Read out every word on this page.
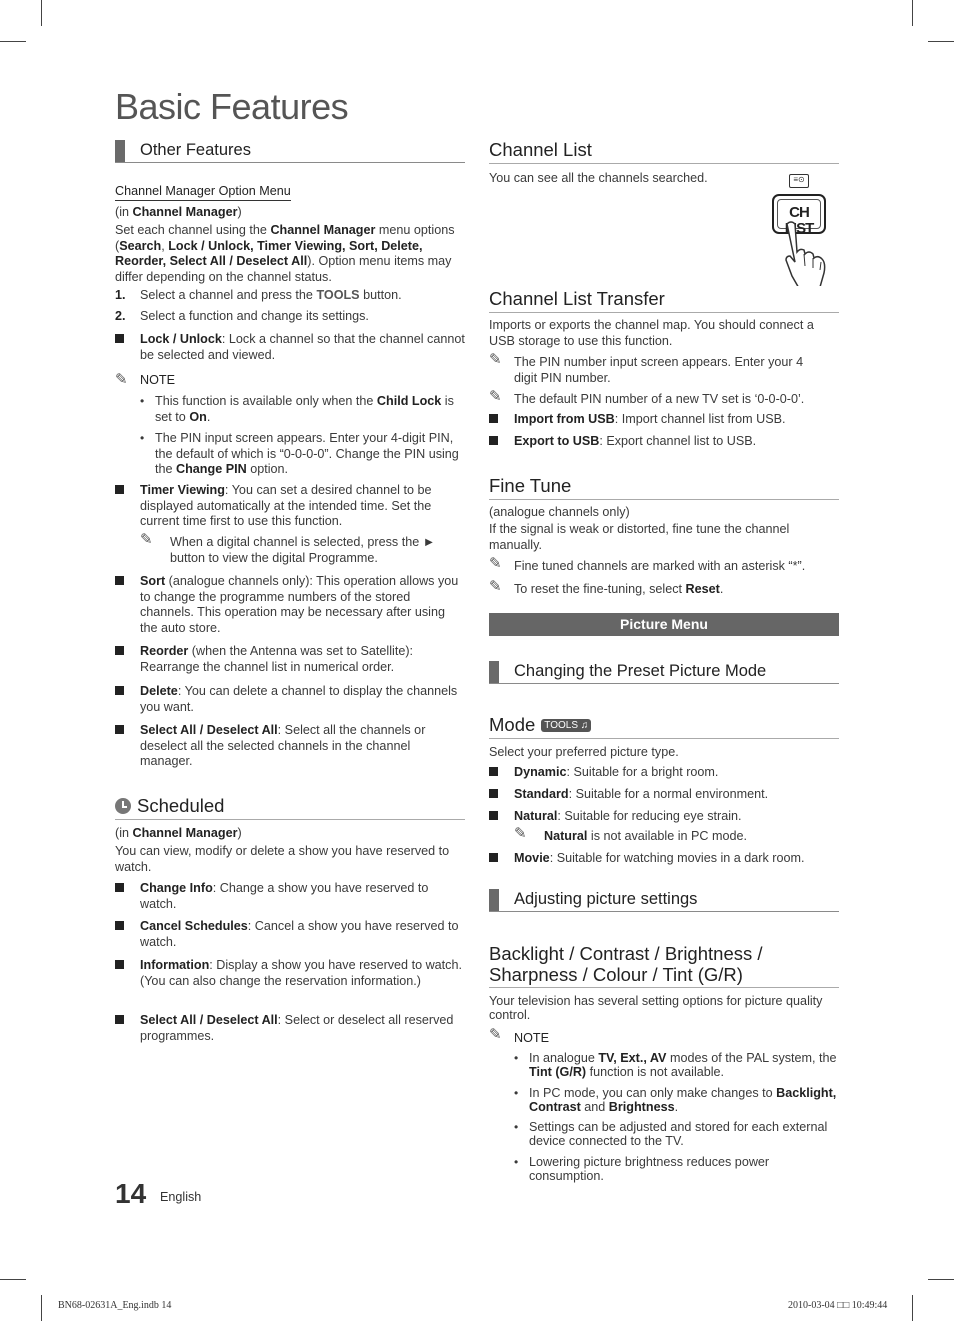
Basic Features
Other Features
Channel Manager Option Menu
(in Channel Manager)
Set each channel using the Channel Manager menu options (Search, Lock / Unlock, Timer Viewing, Sort, Delete, Reorder, Select All / Deselect All). Option menu items may differ depending on the channel status.
1. Select a channel and press the TOOLS button.
2. Select a function and change its settings.
Lock / Unlock: Lock a channel so that the channel cannot be selected and viewed.
✎ NOTE
• This function is available only when the Child Lock is set to On.
• The PIN input screen appears. Enter your 4-digit PIN, the default of which is “0-0-0-0”. Change the PIN using the Change PIN option.
Timer Viewing: You can set a desired channel to be displayed automatically at the intended time. Set the current time first to use this function.
✎ When a digital channel is selected, press the ► button to view the digital Programme.
Sort (analogue channels only): This operation allows you to change the programme numbers of the stored channels. This operation may be necessary after using the auto store.
Reorder (when the Antenna was set to Satellite): Rearrange the channel list in numerical order.
Delete: You can delete a channel to display the channels you want.
Select All / Deselect All: Select all the channels or deselect all the selected channels in the channel manager.
Scheduled
(in Channel Manager)
You can view, modify or delete a show you have reserved to watch.
Change Info: Change a show you have reserved to watch.
Cancel Schedules: Cancel a show you have reserved to watch.
Information: Display a show you have reserved to watch. (You can also change the reservation information.)
Select All / Deselect All: Select or deselect all reserved programmes.
Channel List
You can see all the channels searched.	≡⊙
CH LIST
Channel List Transfer
Imports or exports the channel map. You should connect a USB storage to use this function.
✎ The PIN number input screen appears. Enter your 4 digit PIN number.
✎ The default PIN number of a new TV set is ‘0-0-0-0’.
Import from USB: Import channel list from USB.
Export to USB: Export channel list to USB.
Fine Tune
(analogue channels only)
If the signal is weak or distorted, fine tune the channel manually.
✎ Fine tuned channels are marked with an asterisk “*”.
✎ To reset the fine-tuning, select Reset.
Picture Menu
Changing the Preset Picture Mode
Mode TOOLS ♫
Select your preferred picture type.
Dynamic: Suitable for a bright room.
Standard: Suitable for a normal environment.
Natural: Suitable for reducing eye strain.
✎ Natural is not available in PC mode.
Movie: Suitable for watching movies in a dark room.
Adjusting picture settings
Backlight / Contrast / Brightness / Sharpness / Colour / Tint (G/R)
Your television has several setting options for picture quality control.
✎ NOTE
• In analogue TV, Ext., AV modes of the PAL system, the Tint (G/R) function is not available.
• In PC mode, you can only make changes to Backlight, Contrast and Brightness.
• Settings can be adjusted and stored for each external device connected to the TV.
• Lowering picture brightness reduces power consumption.
14 English
BN68-02631A_Eng.indb 14	2010-03-04 □□ 10:49:44
